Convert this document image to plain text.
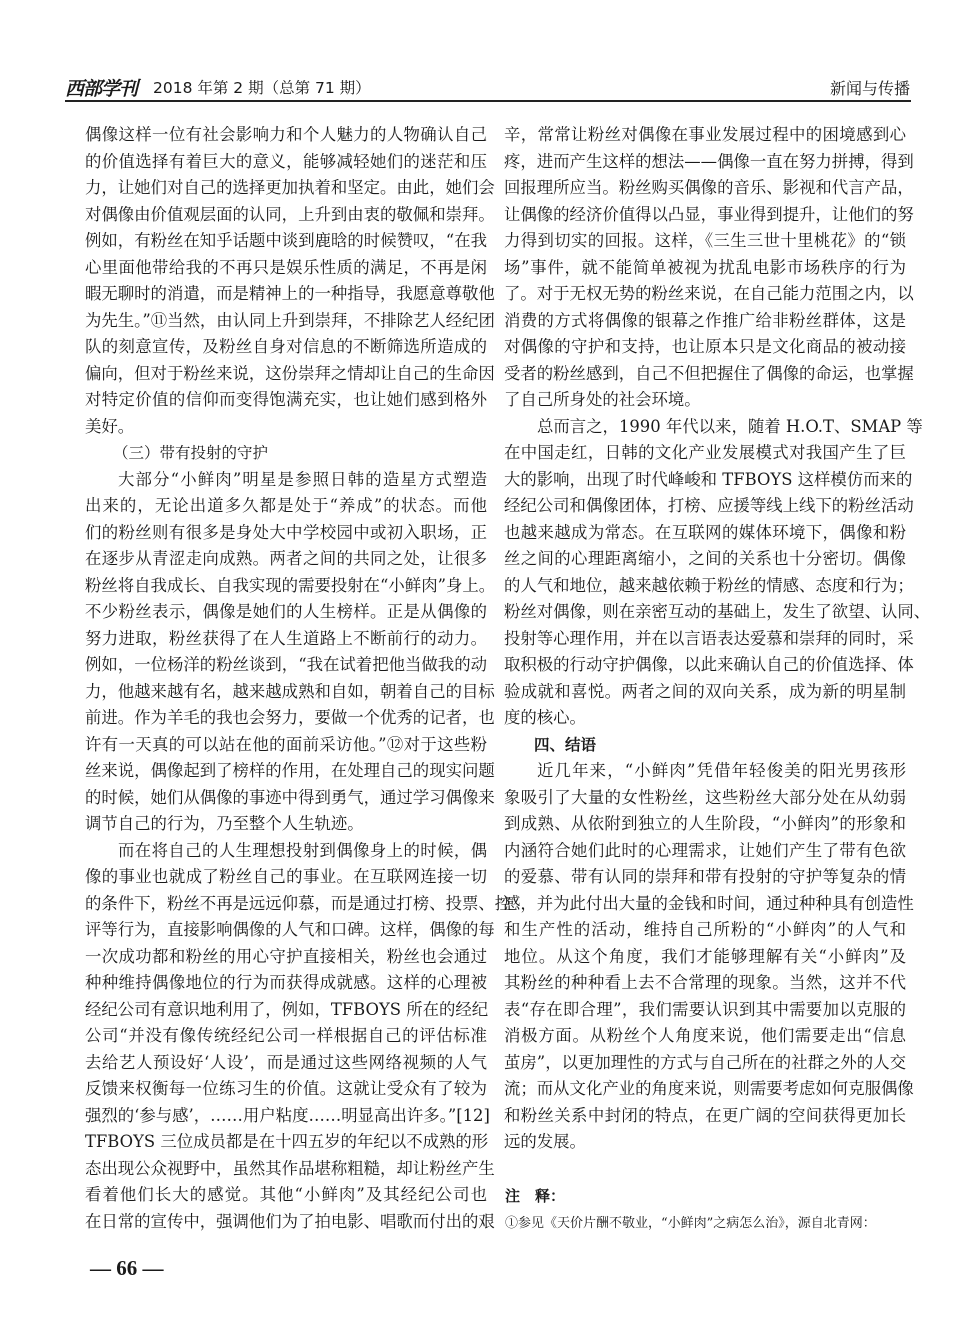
西部学刊 2018 年第 2 期（总第 71 期）	新闻与传播
偶像这样一位有社会影响力和个人魅力的人物确认自己
的价值选择有着巨大的意义，能够减轻她们的迷茫和压
力，让她们对自己的选择更加执着和坚定。由此，她们会
对偶像由价值观层面的认同，上升到由衷的敬佩和崇拜。
例如，有粉丝在知乎话题中谈到鹿晗的时候赞叹，“在我
心里面他带给我的不再只是娱乐性质的满足，不再是闲
暇无聊时的消遣，而是精神上的一种指导，我愿意尊敬他
为先生。”⑪当然，由认同上升到崇拜，不排除艺人经纪团
队的刻意宣传，及粉丝自身对信息的不断筛选所造成的
偏向，但对于粉丝来说，这份崇拜之情却让自己的生命因
对特定价值的信仰而变得饱满充实，也让她们感到格外
美好。
（三）带有投射的守护
大部分“小鲜肉”明星是参照日韩的造星方式塑造
出来的，无论出道多久都是处于“养成”的状态。而他
们的粉丝则有很多是身处大中学校园中或初入职场，正
在逐步从青涩走向成熟。两者之间的共同之处，让很多
粉丝将自我成长、自我实现的需要投射在“小鲜肉”身上。
不少粉丝表示，偶像是她们的人生榜样。正是从偶像的
努力进取，粉丝获得了在人生道路上不断前行的动力。
例如，一位杨洋的粉丝谈到，“我在试着把他当做我的动
力，他越来越有名，越来越成熟和自如，朝着自己的目标
前进。作为羊毛的我也会努力，要做一个优秀的记者，也
许有一天真的可以站在他的面前采访他。”⑫对于这些粉
丝来说，偶像起到了榜样的作用，在处理自己的现实问题
的时候，她们从偶像的事迹中得到勇气，通过学习偶像来
调节自己的行为，乃至整个人生轨迹。
而在将自己的人生理想投射到偶像身上的时候，偶
像的事业也就成了粉丝自己的事业。在互联网连接一切
的条件下，粉丝不再是远远仰慕，而是通过打榜、投票、控
评等行为，直接影响偶像的人气和口碑。这样，偶像的每
一次成功都和粉丝的用心守护直接相关，粉丝也会通过
种种维持偶像地位的行为而获得成就感。这样的心理被
经纪公司有意识地利用了，例如，TFBOYS 所在的经纪
公司“并没有像传统经纪公司一样根据自己的评估标准
去给艺人预设好‘人设’，而是通过这些网络视频的人气
反馈来权衡每一位练习生的价值。这就让受众有了较为
强烈的‘参与感’，……用户粘度……明显高出许多。”[12]
TFBOYS 三位成员都是在十四五岁的年纪以不成熟的形
态出现公众视野中，虽然其作品堪称粗糙，却让粉丝产生
看着他们长大的感觉。其他“小鲜肉”及其经纪公司也
在日常的宣传中，强调他们为了拍电影、唱歌而付出的艰
辛，常常让粉丝对偶像在事业发展过程中的困境感到心
疼，进而产生这样的想法——偶像一直在努力拼搏，得到
回报理所应当。粉丝购买偶像的音乐、影视和代言产品，
让偶像的经济价值得以凸显，事业得到提升，让他们的努
力得到切实的回报。这样，《三生三世十里桃花》的“锁
场”事件，就不能简单被视为扰乱电影市场秩序的行为
了。对于无权无势的粉丝来说，在自己能力范围之内，以
消费的方式将偶像的银幕之作推广给非粉丝群体，这是
对偶像的守护和支持，也让原本只是文化商品的被动接
受者的粉丝感到，自己不但把握住了偶像的命运，也掌握
了自己所身处的社会环境。
总而言之，1990 年代以来，随着 H.O.T、SMAP 等
在中国走红，日韩的文化产业发展模式对我国产生了巨
大的影响，出现了时代峰峻和 TFBOYS 这样模仿而来的
经纪公司和偶像团体，打榜、应援等线上线下的粉丝活动
也越来越成为常态。在互联网的媒体环境下，偶像和粉
丝之间的心理距离缩小，之间的关系也十分密切。偶像
的人气和地位，越来越依赖于粉丝的情感、态度和行为；
粉丝对偶像，则在亲密互动的基础上，发生了欲望、认同、
投射等心理作用，并在以言语表达爱慕和崇拜的同时，采
取积极的行动守护偶像，以此来确认自己的价值选择、体
验成就和喜悦。两者之间的双向关系，成为新的明星制
度的核心。
四、结语
近几年来，“小鲜肉”凭借年轻俊美的阳光男孩形
象吸引了大量的女性粉丝，这些粉丝大部分处在从幼弱
到成熟、从依附到独立的人生阶段，“小鲜肉”的形象和
内涵符合她们此时的心理需求，让她们产生了带有色欲
的爱慕、带有认同的崇拜和带有投射的守护等复杂的情
感，并为此付出大量的金钱和时间，通过种种具有创造性
和生产性的活动，维持自己所粉的“小鲜肉”的人气和
地位。从这个角度，我们才能够理解有关“小鲜肉”及
其粉丝的种种看上去不合常理的现象。当然，这并不代
表“存在即合理”，我们需要认识到其中需要加以克服的
消极方面。从粉丝个人角度来说，他们需要走出“信息
茧房”，以更加理性的方式与自己所在的社群之外的人交
流；而从文化产业的角度来说，则需要考虑如何克服偶像
和粉丝关系中封闭的特点，在更广阔的空间获得更加长
远的发展。
注　释：
①参见《天价片酬不敬业，“小鲜肉”之病怎么治》，源自北青网：
— 66 —
